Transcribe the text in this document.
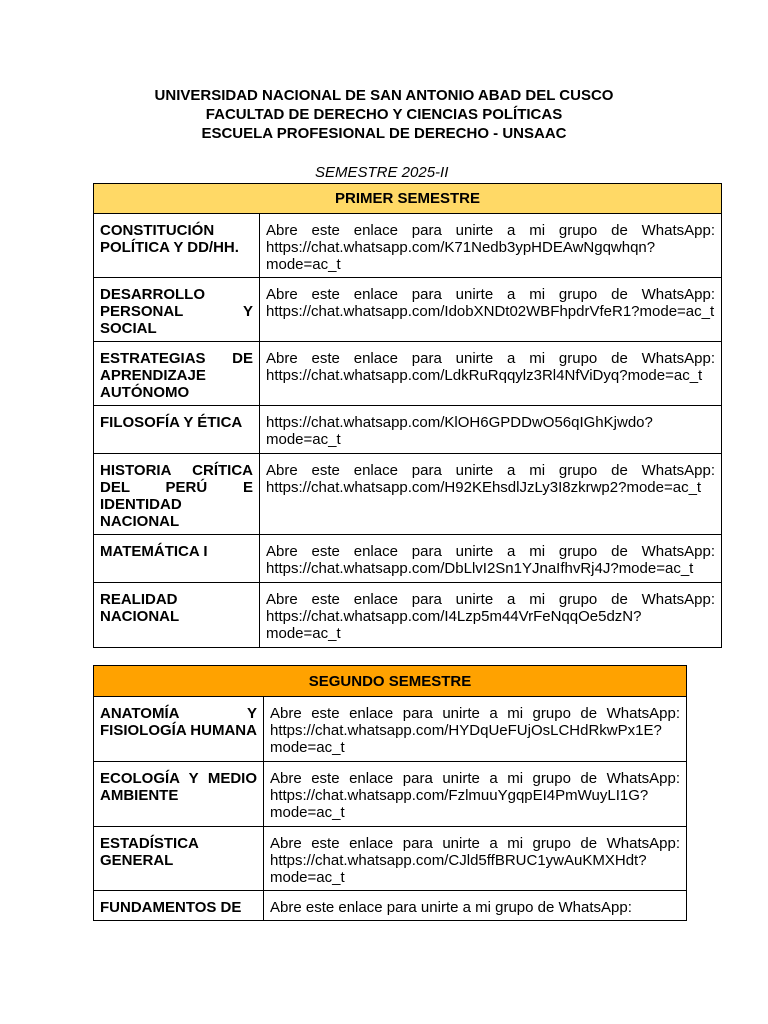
UNIVERSIDAD NACIONAL DE SAN ANTONIO ABAD DEL CUSCO
FACULTAD DE DERECHO Y CIENCIAS POLÍTICAS
ESCUELA PROFESIONAL DE DERECHO - UNSAAC
SEMESTRE 2025-II
PRIMER SEMESTRE	
CONSTITUCIÓN POLÍTICA Y DD/HH.	Abre este enlace para unirte a mi grupo de WhatsApp: https://chat.whatsapp.com/K71Nedb3ypHDEAwNgqwhqn?mode=ac_t
DESARROLLO PERSONAL Y SOCIAL	Abre este enlace para unirte a mi grupo de WhatsApp: https://chat.whatsapp.com/IdobXNDt02WBFhpdrVfeR1?mode=ac_t
ESTRATEGIAS DE APRENDIZAJE AUTÓNOMO	Abre este enlace para unirte a mi grupo de WhatsApp: https://chat.whatsapp.com/LdkRuRqqylz3Rl4NfViDyq?mode=ac_t
FILOSOFÍA Y ÉTICA	https://chat.whatsapp.com/KlOH6GPDDwO56qIGhKjwdo?mode=ac_t
HISTORIA CRÍTICA DEL PERÚ E IDENTIDAD NACIONAL	Abre este enlace para unirte a mi grupo de WhatsApp: https://chat.whatsapp.com/H92KEhsdlJzLy3I8zkrwp2?mode=ac_t
MATEMÁTICA I	Abre este enlace para unirte a mi grupo de WhatsApp: https://chat.whatsapp.com/DbLlvI2Sn1YJnaIfhvRj4J?mode=ac_t
REALIDAD NACIONAL	Abre este enlace para unirte a mi grupo de WhatsApp: https://chat.whatsapp.com/I4Lzp5m44VrFeNqqOe5dzN?mode=ac_t
SEGUNDO SEMESTRE	
ANATOMÍA Y FISIOLOGÍA HUMANA	Abre este enlace para unirte a mi grupo de WhatsApp: https://chat.whatsapp.com/HYDqUeFUjOsLCHdRkwPx1E?mode=ac_t
ECOLOGÍA Y MEDIO AMBIENTE	Abre este enlace para unirte a mi grupo de WhatsApp: https://chat.whatsapp.com/FzlmuuYgqpEI4PmWuyLI1G?mode=ac_t
ESTADÍSTICA GENERAL	Abre este enlace para unirte a mi grupo de WhatsApp: https://chat.whatsapp.com/CJld5ffBRUC1ywAuKMXHdt?mode=ac_t
FUNDAMENTOS DE	Abre este enlace para unirte a mi grupo de WhatsApp:
